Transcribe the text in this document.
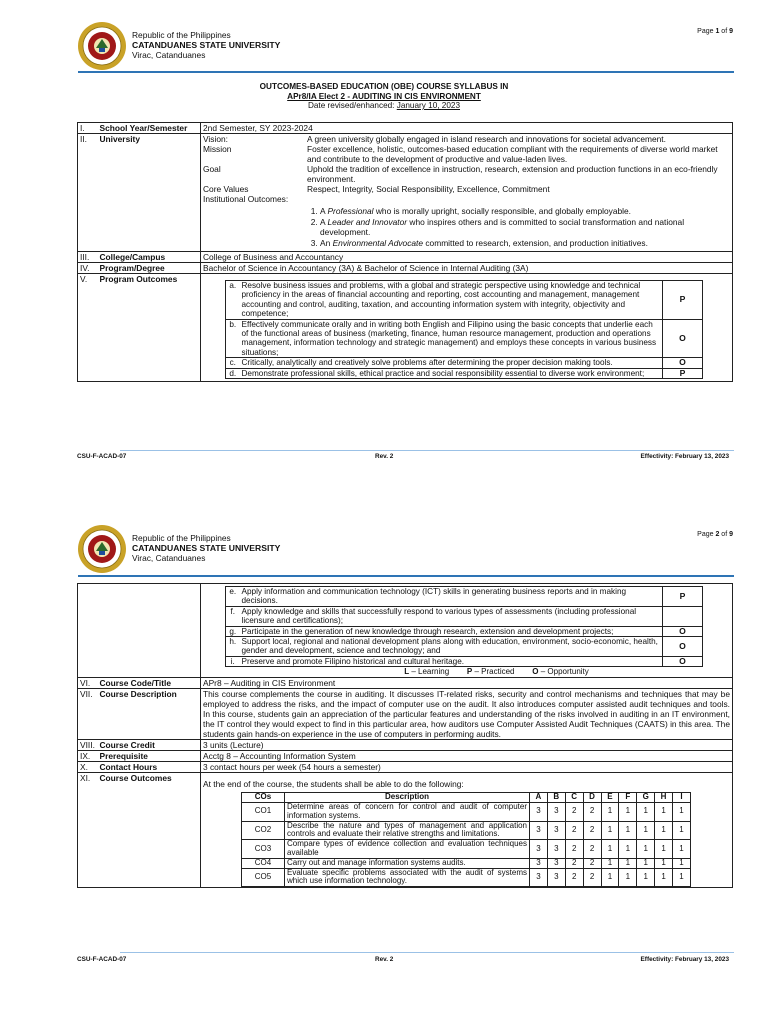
Republic of the Philippines
CATANDUANES STATE UNIVERSITY
Virac, Catanduanes
Page 1 of 9
OUTCOMES-BASED EDUCATION (OBE) COURSE SYLLABUS IN
APr8/IA Elect 2 - AUDITING IN CIS ENVIRONMENT
Date revised/enhanced: January 10, 2023
I.	School Year/Semester	2nd Semester, SY 2023-2024
II.	University	Vision:	A green university globally engaged in island research and innovations for societal advancement.
Mission	Foster excellence, holistic, outcomes-based education compliant with the requirements of diverse world market and contribute to the development of productive and value-laden lives.
Goal	Uphold the tradition of excellence in instruction, research, extension and production functions in an eco-friendly environment.
Core Values	Respect, Integrity, Social Responsibility, Excellence, Commitment
Institutional Outcomes:
1. A Professional who is morally upright, socially responsible, and globally employable.
2. A Leader and Innovator who inspires others and is committed to social transformation and national development.
3. An Environmental Advocate committed to research, extension, and production initiatives.

III.	College/Campus	College of Business and Accountancy
IV.	Program/Degree	Bachelor of Science in Accountancy (3A) & Bachelor of Science in Internal Auditing (3A)
V.	Program Outcomes	
a.	Resolve business issues and problems, with a global and strategic perspective using knowledge and technical proficiency in the areas of financial accounting and reporting, cost accounting and management, management accounting and control, auditing, taxation, and accounting information system with integrity, objectivity and competence;	P
b.	Effectively communicate orally and in writing both English and Filipino using the basic concepts that underlie each of the functional areas of business (marketing, finance, human resource management, production and operations management, information technology and strategic management) and employs these concepts in various business situations;	O
c.	Critically, analytically and creatively solve problems after determining the proper decision making tools.	O
d.	Demonstrate professional skills, ethical practice and social responsibility essential to diverse work environment;	P
CSU-F-ACAD-07	Rev. 2	Effectivity: February 13, 2023
Republic of the Philippines
CATANDUANES STATE UNIVERSITY
Virac, Catanduanes
Page 2 of 9

e.	Apply information and communication technology (ICT) skills in generating business reports and in making decisions.	P
f.	Apply knowledge and skills that successfully respond to various types of assessments (including professional licensure and certifications);	
g.	Participate in the generation of new knowledge through research, extension and development projects;	O
h.	Support local, regional and national development plans along with education, environment, socio-economic, health, gender and development, science and technology; and	O
i.	Preserve and promote Filipino historical and cultural heritage.	O
L – Learning P – Practiced O – Opportunity

VI.	Course Code/Title	APr8 – Auditing in CIS Environment
VII.	Course Description	This course complements the course in auditing. It discusses IT-related risks, security and control mechanisms and techniques that may be employed to address the risks, and the impact of computer use on the audit. It also introduces computer assisted audit techniques and tools. In this course, students gain an appreciation of the particular features and understanding of the risks involved in auditing in an IT environment, the IT control they would expect to find in this particular area, how auditors use Computer Assisted Audit Techniques (CAATS) in this area. The students gain hands-on experience in the use of computers in performing audits.
VIII.	Course Credit	3 units (Lecture)
IX.	Prerequisite	Acctg 8 – Accounting Information System
X.	Contact Hours	3 contact hours per week (54 hours a semester)
XI.	Course Outcomes	
At the end of the course, the students shall be able to do the following:
COs	Description	A	B	C	D	E	F	G	H	I
CO1	Determine areas of concern for control and audit of computer information systems.	3	3	2	2	1	1	1	1	1
CO2	Describe the nature and types of management and application controls and evaluate their relative strengths and limitations.	3	3	2	2	1	1	1	1	1
CO3	Compare types of evidence collection and evaluation techniques available	3	3	2	2	1	1	1	1	1
CO4	Carry out and manage information systems audits.	3	3	2	2	1	1	1	1	1
CO5	Evaluate specific problems associated with the audit of systems which use information technology.	3	3	2	2	1	1	1	1	1
CSU-F-ACAD-07	Rev. 2	Effectivity: February 13, 2023
